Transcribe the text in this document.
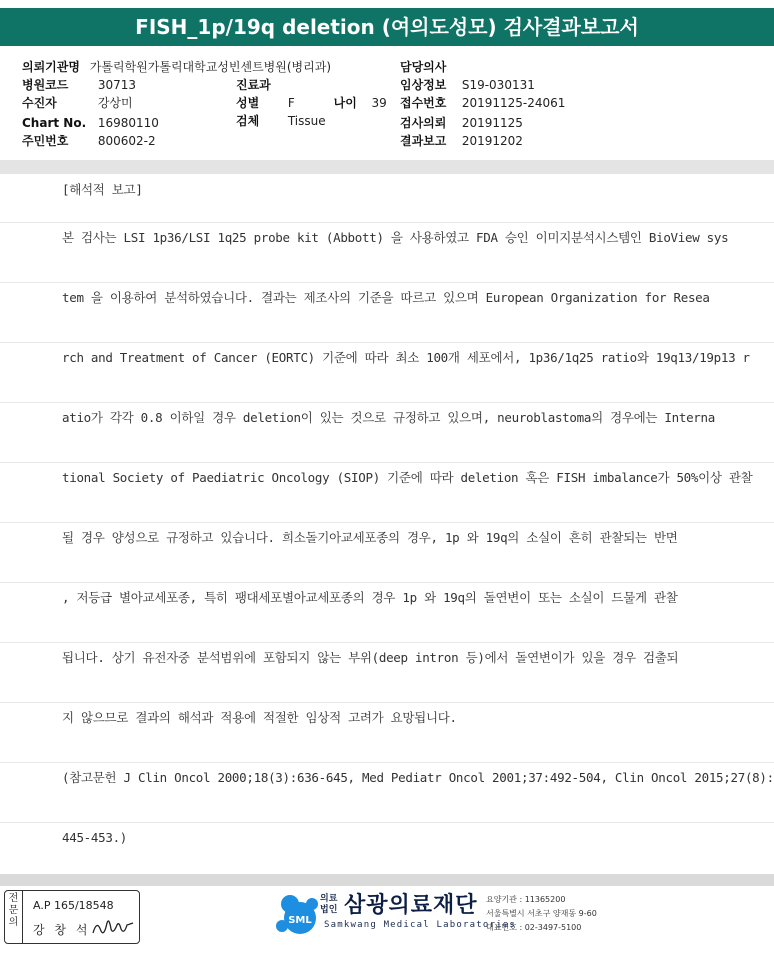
FISH_1p/19q deletion (여의도성모) 검사결과보고서
의뢰기관명 가톨릭학원가톨릭대학교성빈센트병원(병리과)
병원코드 30713
수진자	강상미
Chart No. 16980110
주민번호 800602-2
진료과
성별 F	나이 39
검체 Tissue
담당의사
임상정보 S19-030131
접수번호 20191125-24061
검사의뢰 20191125
결과보고 20191202
[해석적 보고]
본 검사는 LSI 1p36/LSI 1q25 probe kit (Abbott) 을 사용하였고 FDA 승인 이미지분석시스템인 BioView sys
tem 을 이용하여 분석하였습니다. 결과는 제조사의 기준을 따르고 있으며 European Organization for Resea
rch and Treatment of Cancer (EORTC) 기준에 따라 최소 100개 세포에서, 1p36/1q25 ratio와 19q13/19p13 r
atio가 각각 0.8 이하일 경우 deletion이 있는 것으로 규정하고 있으며, neuroblastoma의 경우에는 Interna
tional Society of Paediatric Oncology (SIOP) 기준에 따라 deletion 혹은 FISH imbalance가 50%이상 관찰
될 경우 양성으로 규정하고 있습니다. 희소돌기아교세포종의 경우, 1p 와 19q의 소실이 흔히 관찰되는 반면
, 저등급 별아교세포종, 특히 팽대세포별아교세포종의 경우 1p 와 19q의 돌연변이 또는 소실이 드물게 관찰
됩니다. 상기 유전자중 분석범위에 포함되지 않는 부위(deep intron 등)에서 돌연변이가 있을 경우 검출되
지 않으므로 결과의 해석과 적용에 적절한 임상적 고려가 요망됩니다.
(참고문헌 J Clin Oncol 2000;18(3):636-645, Med Pediatr Oncol 2001;37:492-504, Clin Oncol 2015;27(8):
445-453.)
전문의
A.P 165/18548
강 창 석
SML
의료
법인 삼광의료재단
Samkwang Medical Laboratories
요양기관 : 11365200
서울특별시 서초구 양재동 9-60
대표번호 : 02-3497-5100
